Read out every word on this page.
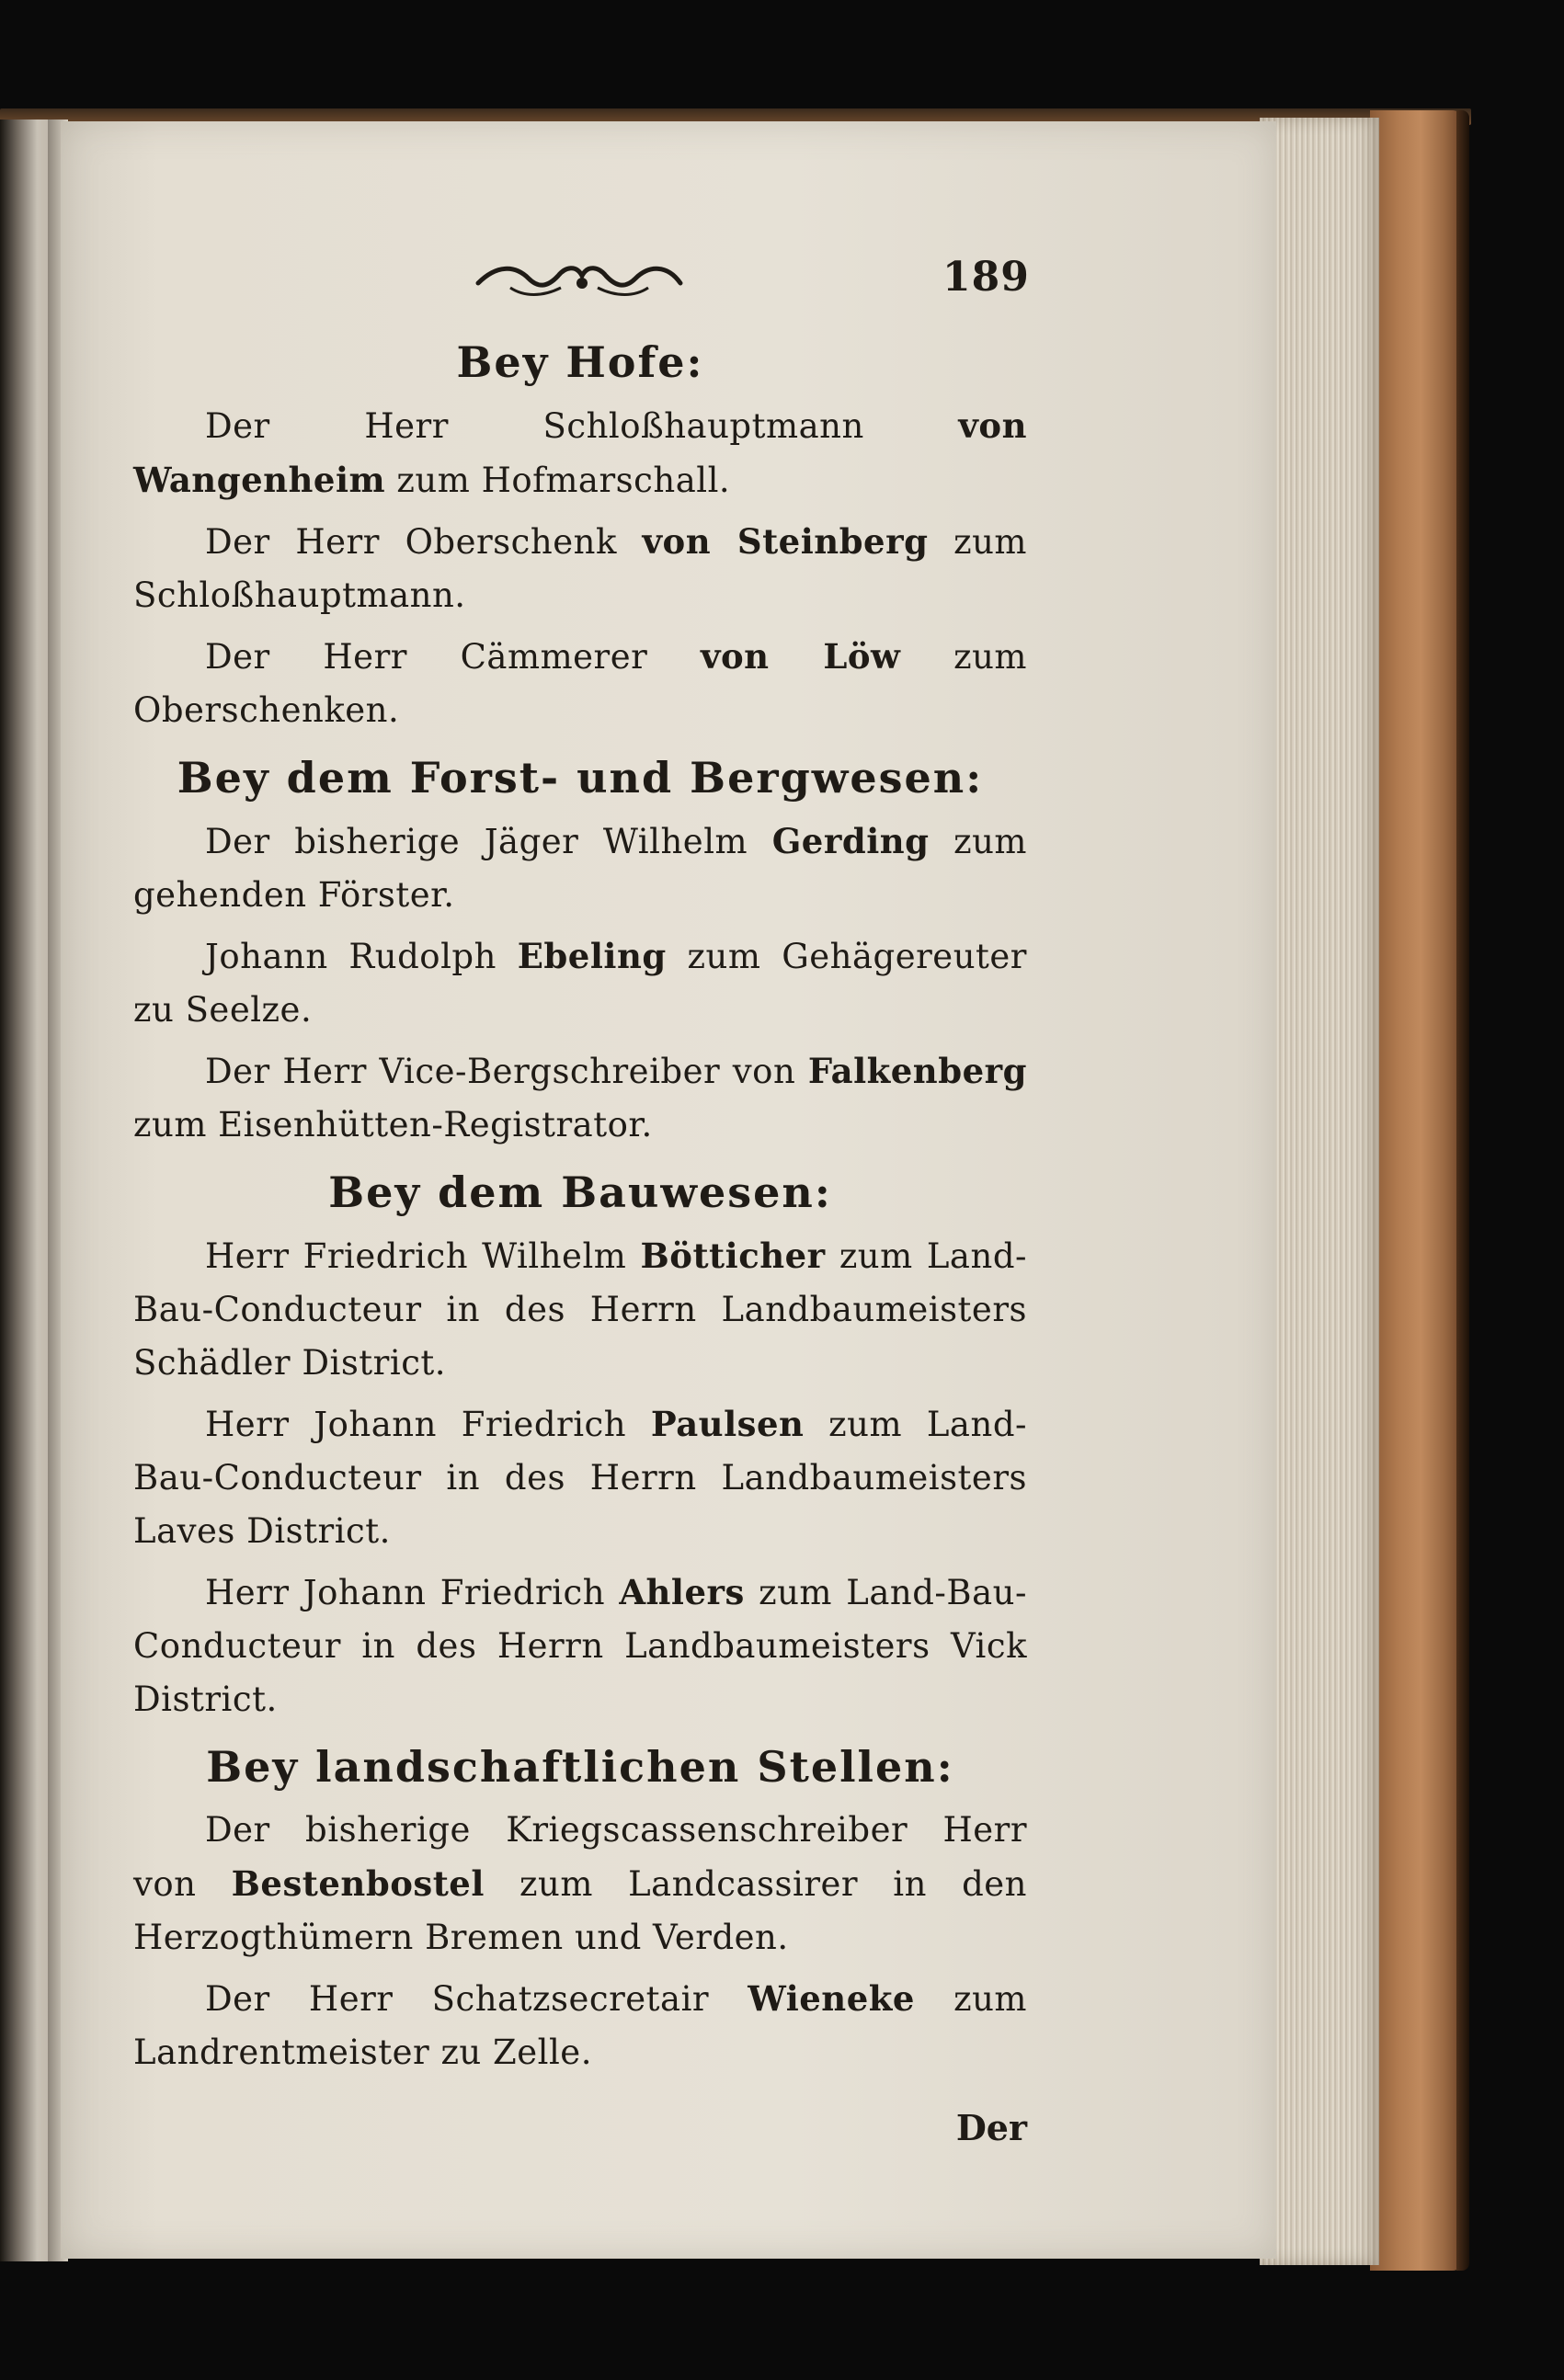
189
Bey Hofe:

Der Herr Schloßhauptmann von Wangenheim zum Hofmarschall.

Der Herr Oberschenk von Steinberg zum Schloßhauptmann.

Der Herr Cämmerer von Löw zum Oberschenken.

Bey dem Forst- und Bergwesen:

Der bisherige Jäger Wilhelm Gerding zum gehenden Förster.

Johann Rudolph Ebeling zum Gehägereuter zu Seelze.

Der Herr Vice-Bergschreiber von Falkenberg zum Eisenhütten-Registrator.

Bey dem Bauwesen:

Herr Friedrich Wilhelm Bötticher zum Land-Bau-Conducteur in des Herrn Landbaumeisters Schädler District.

Herr Johann Friedrich Paulsen zum Land-Bau-Conducteur in des Herrn Landbaumeisters Laves District.

Herr Johann Friedrich Ahlers zum Land-Bau-Conducteur in des Herrn Landbaumeisters Vick District.

Bey landschaftlichen Stellen:

Der bisherige Kriegscassenschreiber Herr von Bestenbostel zum Landcassirer in den Herzogthümern Bremen und Verden.

Der Herr Schatzsecretair Wieneke zum Landrentmeister zu Zelle.

Der
